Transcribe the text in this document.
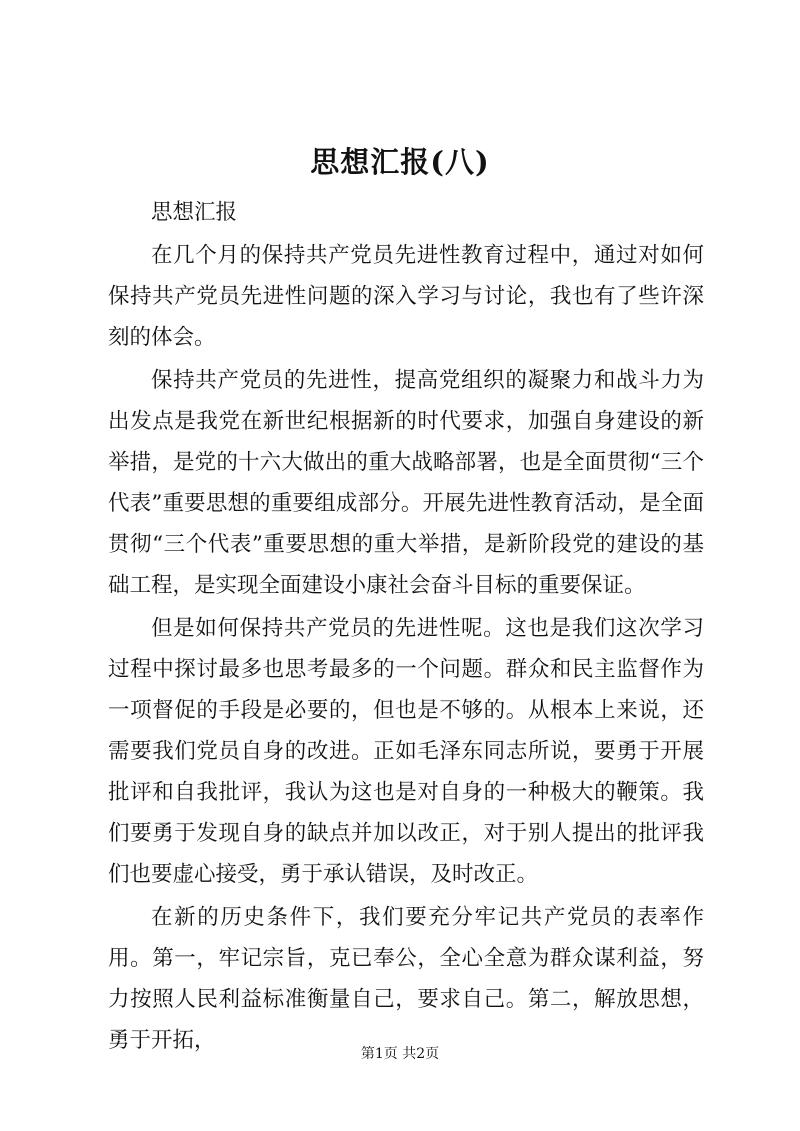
思想汇报(八)

思想汇报

在几个月的保持共产党员先进性教育过程中，通过对如何保持共产党员先进性问题的深入学习与讨论，我也有了些许深刻的体会。

保持共产党员的先进性，提高党组织的凝聚力和战斗力为出发点是我党在新世纪根据新的时代要求，加强自身建设的新举措，是党的十六大做出的重大战略部署，也是全面贯彻“三个代表”重要思想的重要组成部分。开展先进性教育活动，是全面贯彻“三个代表”重要思想的重大举措，是新阶段党的建设的基础工程，是实现全面建设小康社会奋斗目标的重要保证。

但是如何保持共产党员的先进性呢。这也是我们这次学习过程中探讨最多也思考最多的一个问题。群众和民主监督作为一项督促的手段是必要的，但也是不够的。从根本上来说，还需要我们党员自身的改进。正如毛泽东同志所说，要勇于开展批评和自我批评，我认为这也是对自身的一种极大的鞭策。我们要勇于发现自身的缺点并加以改正，对于别人提出的批评我们也要虚心接受，勇于承认错误，及时改正。

在新的历史条件下，我们要充分牢记共产党员的表率作用。第一，牢记宗旨，克已奉公，全心全意为群众谋利益，努力按照人民利益标准衡量自己，要求自己。第二，解放思想，勇于开拓，

第1页 共2页
